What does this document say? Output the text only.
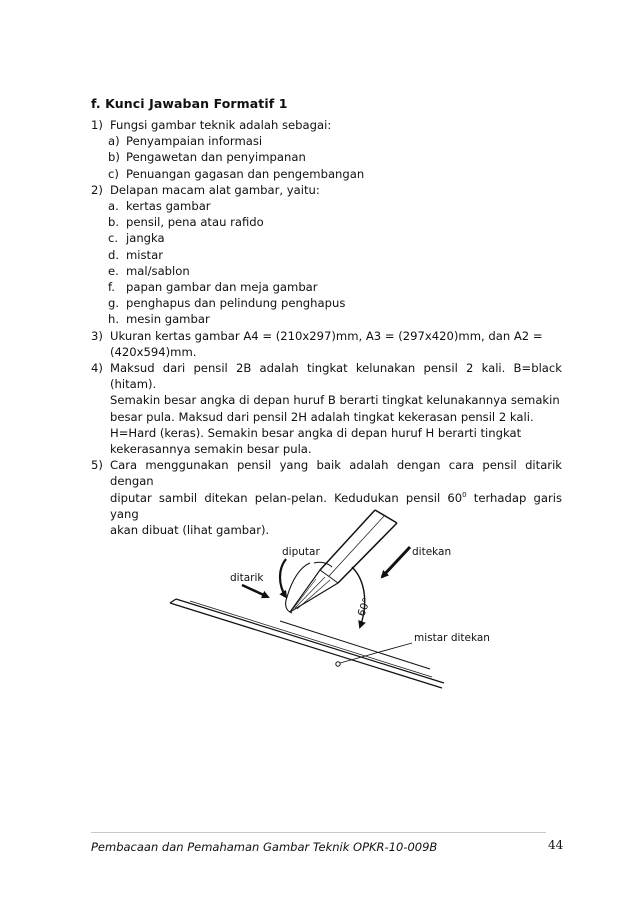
f. Kunci Jawaban Formatif 1
1) Fungsi gambar teknik adalah sebagai:
a) Penyampaian informasi
b) Pengawetan dan penyimpanan
c) Penuangan gagasan dan pengembangan
2) Delapan macam alat gambar, yaitu:
a. kertas gambar
b. pensil, pena atau rafido
c. jangka
d. mistar
e. mal/sablon
f. papan gambar dan meja gambar
g. penghapus dan pelindung penghapus
h. mesin gambar
3) Ukuran kertas gambar A4 = (210x297)mm, A3 = (297x420)mm, dan A2 =
(420x594)mm.
4) Maksud dari pensil 2B adalah tingkat kelunakan pensil 2 kali. B=black (hitam).
Semakin besar angka di depan huruf B berarti tingkat kelunakannya semakin
besar pula. Maksud dari pensil 2H adalah tingkat kekerasan pensil 2 kali.
H=Hard (keras). Semakin besar angka di depan huruf H berarti tingkat
kekerasannya semakin besar pula.
5) Cara menggunakan pensil yang baik adalah dengan cara pensil ditarik dengan
diputar sambil ditekan pelan-pelan. Kedudukan pensil $60^0$ terhadap garis yang
akan dibuat (lihat gambar).
diputar	ditekan
ditarik
60°
mistar ditekan
Pembacaan dan Pemahaman Gambar Teknik OPKR-10-009B	44
